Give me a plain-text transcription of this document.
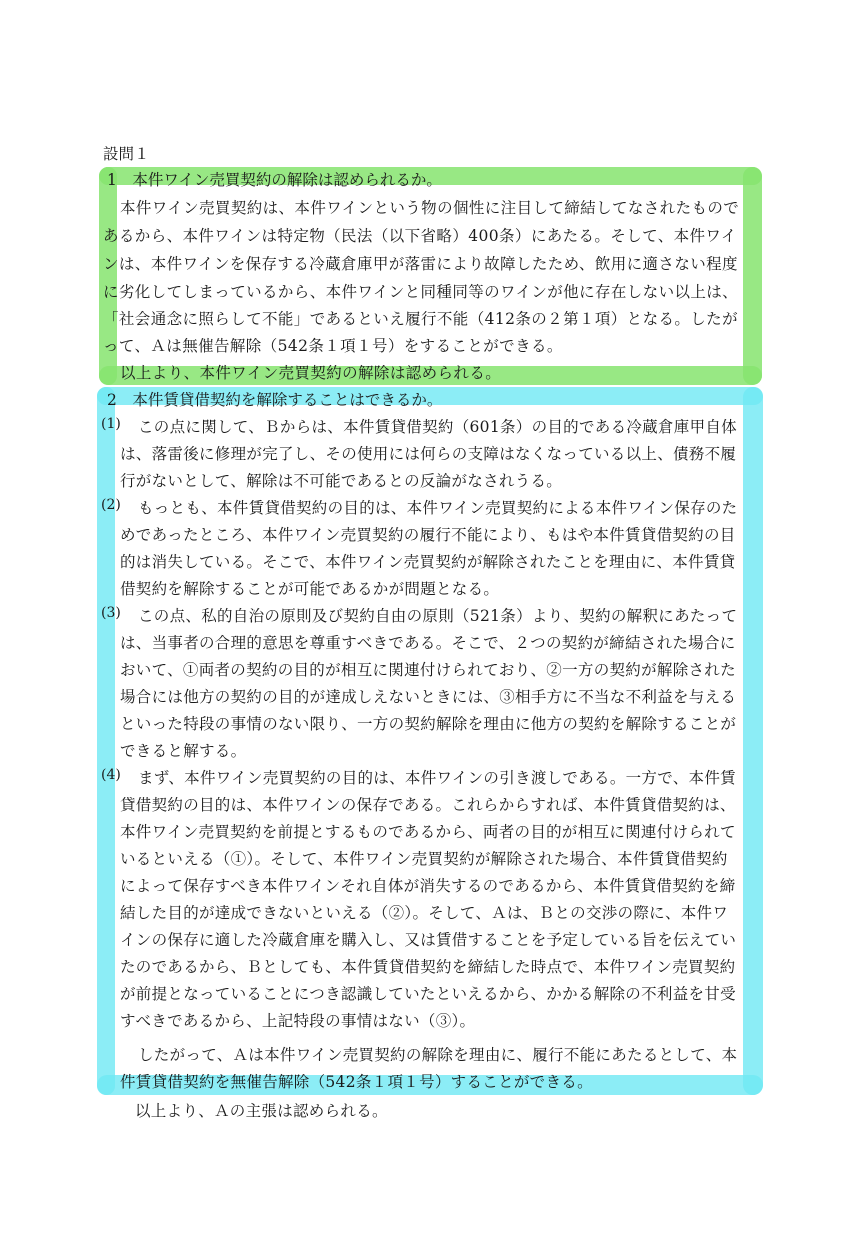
設問１
1　本件ワイン売買契約の解除は認められるか。
本件ワイン売買契約は、本件ワインという物の個性に注目して締結してなされたもので
あるから、本件ワインは特定物（民法（以下省略）400条）にあたる。そして、本件ワイ
ンは、本件ワインを保存する冷蔵倉庫甲が落雷により故障したため、飲用に適さない程度
に劣化してしまっているから、本件ワインと同種同等のワインが他に存在しない以上は、
「社会通念に照らして不能」であるといえ履行不能（412条の２第１項）となる。したが
って、Ａは無催告解除（542条１項１号）をすることができる。
以上より、本件ワイン売買契約の解除は認められる。
2　本件賃貸借契約を解除することはできるか。
(1) この点に関して、Ｂからは、本件賃貸借契約（601条）の目的である冷蔵倉庫甲自体
は、落雷後に修理が完了し、その使用には何らの支障はなくなっている以上、債務不履
行がないとして、解除は不可能であるとの反論がなされうる。
(2) もっとも、本件賃貸借契約の目的は、本件ワイン売買契約による本件ワイン保存のた
めであったところ、本件ワイン売買契約の履行不能により、もはや本件賃貸借契約の目
的は消失している。そこで、本件ワイン売買契約が解除されたことを理由に、本件賃貸
借契約を解除することが可能であるかが問題となる。
(3) この点、私的自治の原則及び契約自由の原則（521条）より、契約の解釈にあたって
は、当事者の合理的意思を尊重すべきである。そこで、２つの契約が締結された場合に
おいて、①両者の契約の目的が相互に関連付けられており、②一方の契約が解除された
場合には他方の契約の目的が達成しえないときには、③相手方に不当な不利益を与える
といった特段の事情のない限り、一方の契約解除を理由に他方の契約を解除することが
できると解する。
(4) まず、本件ワイン売買契約の目的は、本件ワインの引き渡しである。一方で、本件賃
貸借契約の目的は、本件ワインの保存である。これらからすれば、本件賃貸借契約は、
本件ワイン売買契約を前提とするものであるから、両者の目的が相互に関連付けられて
いるといえる（①）。そして、本件ワイン売買契約が解除された場合、本件賃貸借契約
によって保存すべき本件ワインそれ自体が消失するのであるから、本件賃貸借契約を締
結した目的が達成できないといえる（②）。そして、Ａは、Ｂとの交渉の際に、本件ワ
インの保存に適した冷蔵倉庫を購入し、又は賃借することを予定している旨を伝えてい
たのであるから、Ｂとしても、本件賃貸借契約を締結した時点で、本件ワイン売買契約
が前提となっていることにつき認識していたといえるから、かかる解除の不利益を甘受
すべきであるから、上記特段の事情はない（③）。
したがって、Ａは本件ワイン売買契約の解除を理由に、履行不能にあたるとして、本
件賃貸借契約を無催告解除（542条１項１号）することができる。
以上より、Ａの主張は認められる。
